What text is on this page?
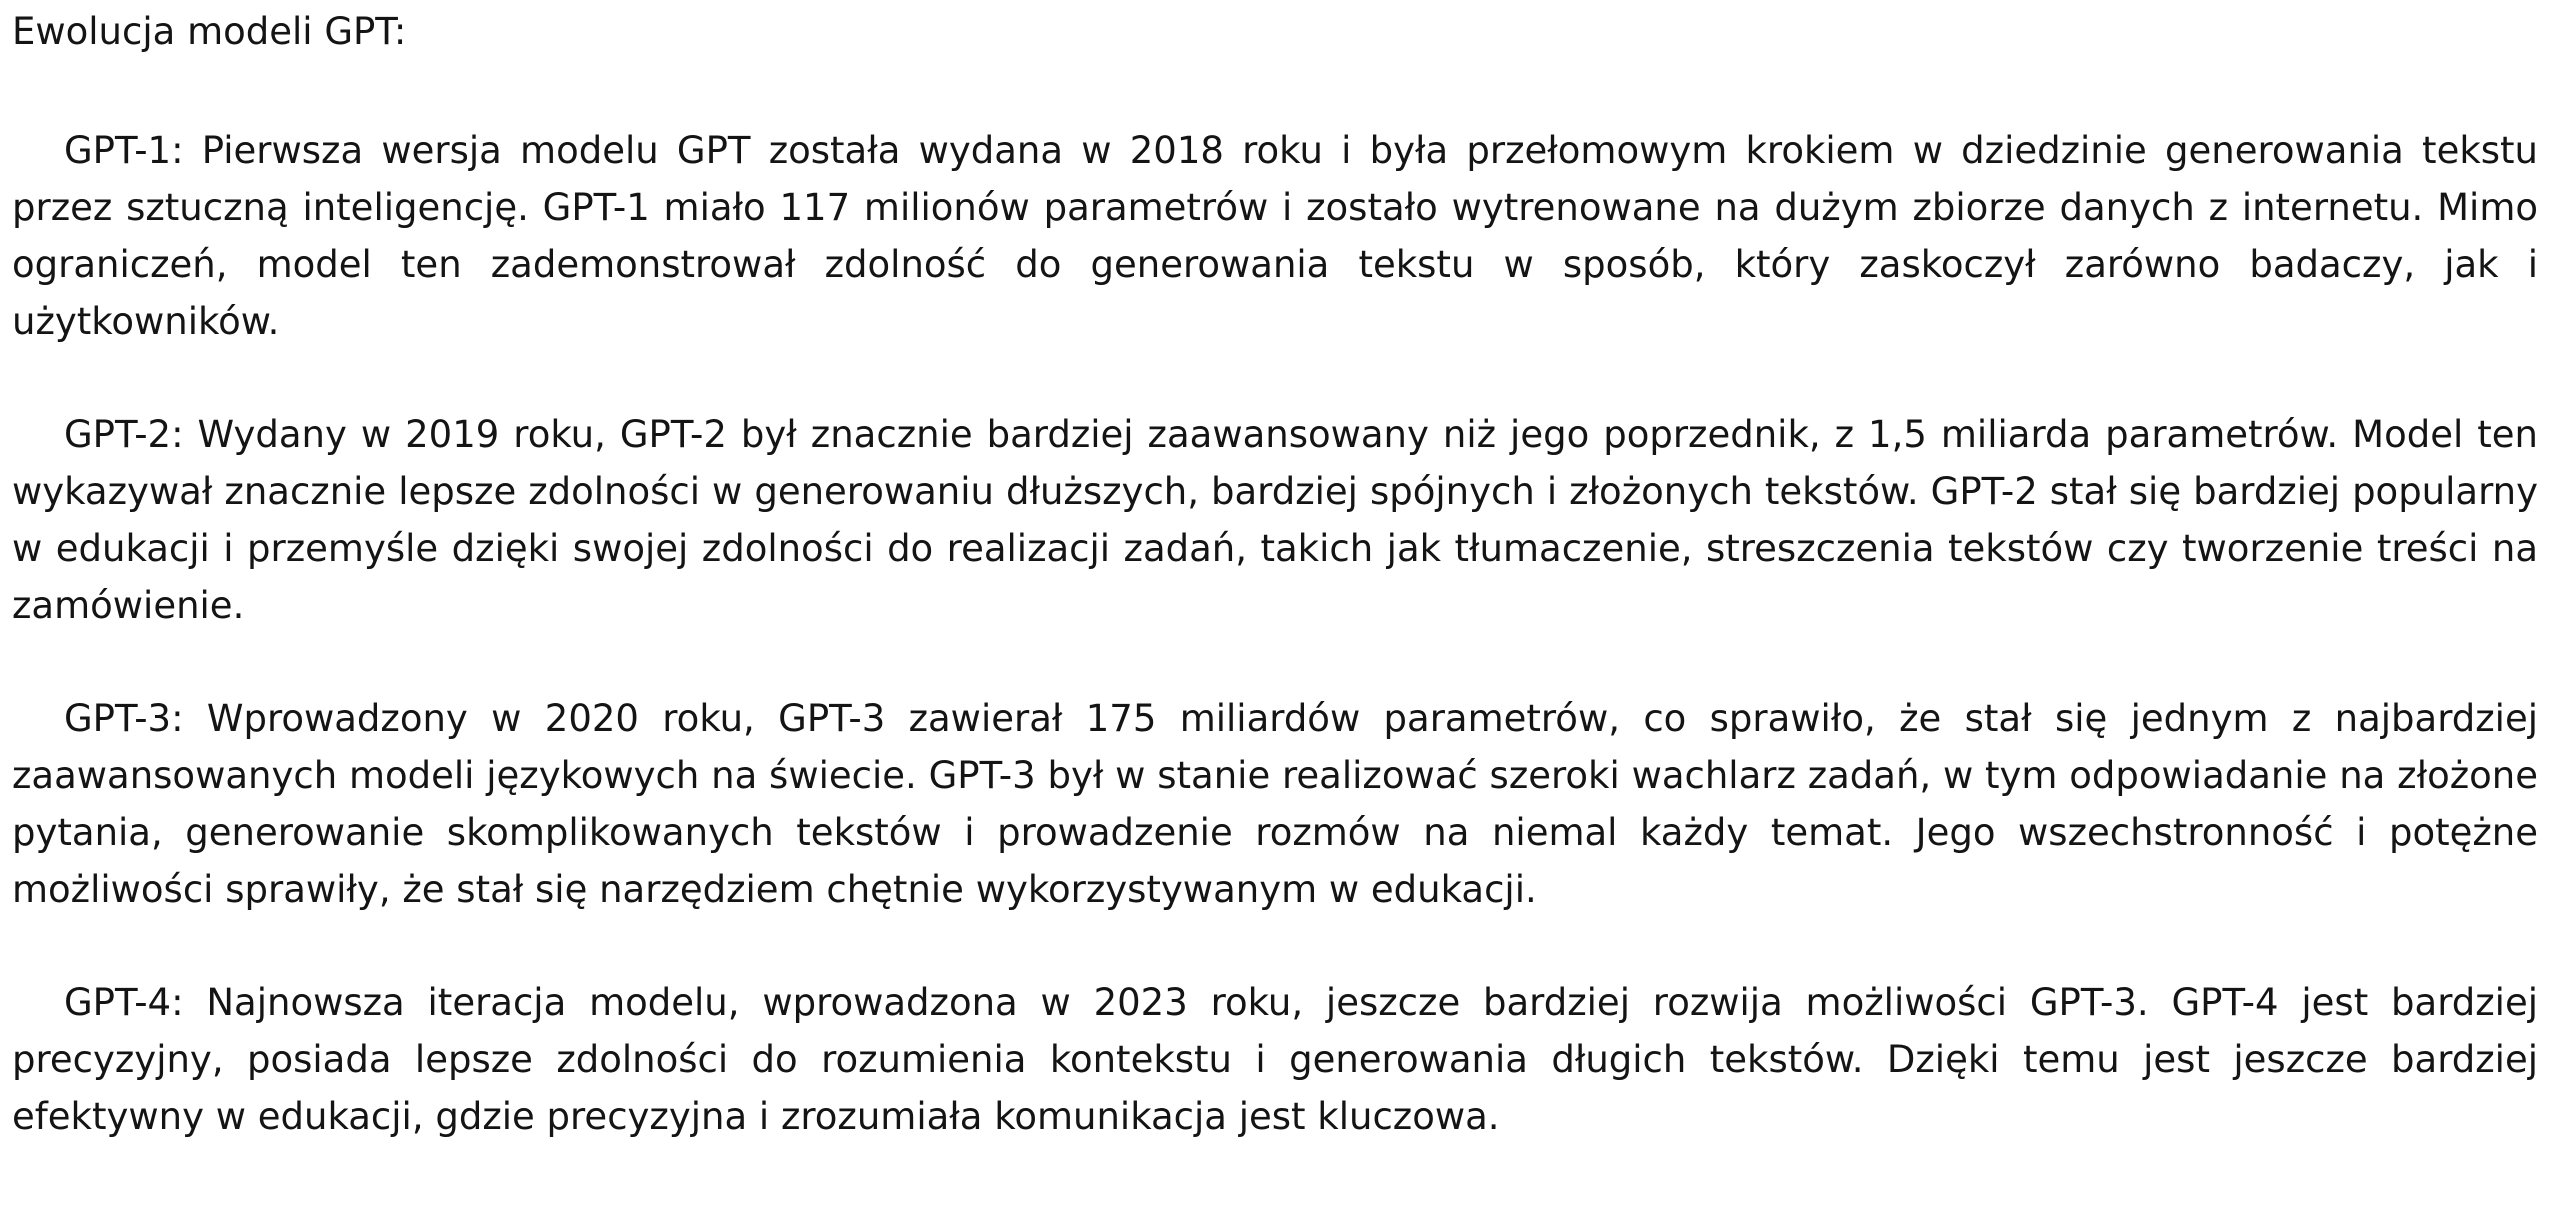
Ewolucja modeli GPT:

GPT-1: Pierwsza wersja modelu GPT została wydana w 2018 roku i była przełomowym krokiem w dziedzinie generowania tekstu przez sztuczną inteligencję. GPT-1 miało 117 milionów parametrów i zostało wytrenowane na dużym zbiorze danych z internetu. Mimo ograniczeń, model ten zademonstrował zdolność do generowania tekstu w sposób, który zaskoczył zarówno badaczy, jak i użytkowników.

GPT-2: Wydany w 2019 roku, GPT-2 był znacznie bardziej zaawansowany niż jego poprzednik, z 1,5 miliarda parametrów. Model ten wykazywał znacznie lepsze zdolności w generowaniu dłuższych, bardziej spójnych i złożonych tekstów. GPT-2 stał się bardziej popularny w edukacji i przemyśle dzięki swojej zdolności do realizacji zadań, takich jak tłumaczenie, streszczenia tekstów czy tworzenie treści na zamówienie.

GPT-3: Wprowadzony w 2020 roku, GPT-3 zawierał 175 miliardów parametrów, co sprawiło, że stał się jednym z najbardziej zaawansowanych modeli językowych na świecie. GPT-3 był w stanie realizować szeroki wachlarz zadań, w tym odpowiadanie na złożone pytania, generowanie skomplikowanych tekstów i prowadzenie rozmów na niemal każdy temat. Jego wszechstronność i potężne możliwości sprawiły, że stał się narzędziem chętnie wykorzystywanym w edukacji.

GPT-4: Najnowsza iteracja modelu, wprowadzona w 2023 roku, jeszcze bardziej rozwija możliwości GPT-3. GPT-4 jest bardziej precyzyjny, posiada lepsze zdolności do rozumienia kontekstu i generowania długich tekstów. Dzięki temu jest jeszcze bardziej efektywny w edukacji, gdzie precyzyjna i zrozumiała komunikacja jest kluczowa.
